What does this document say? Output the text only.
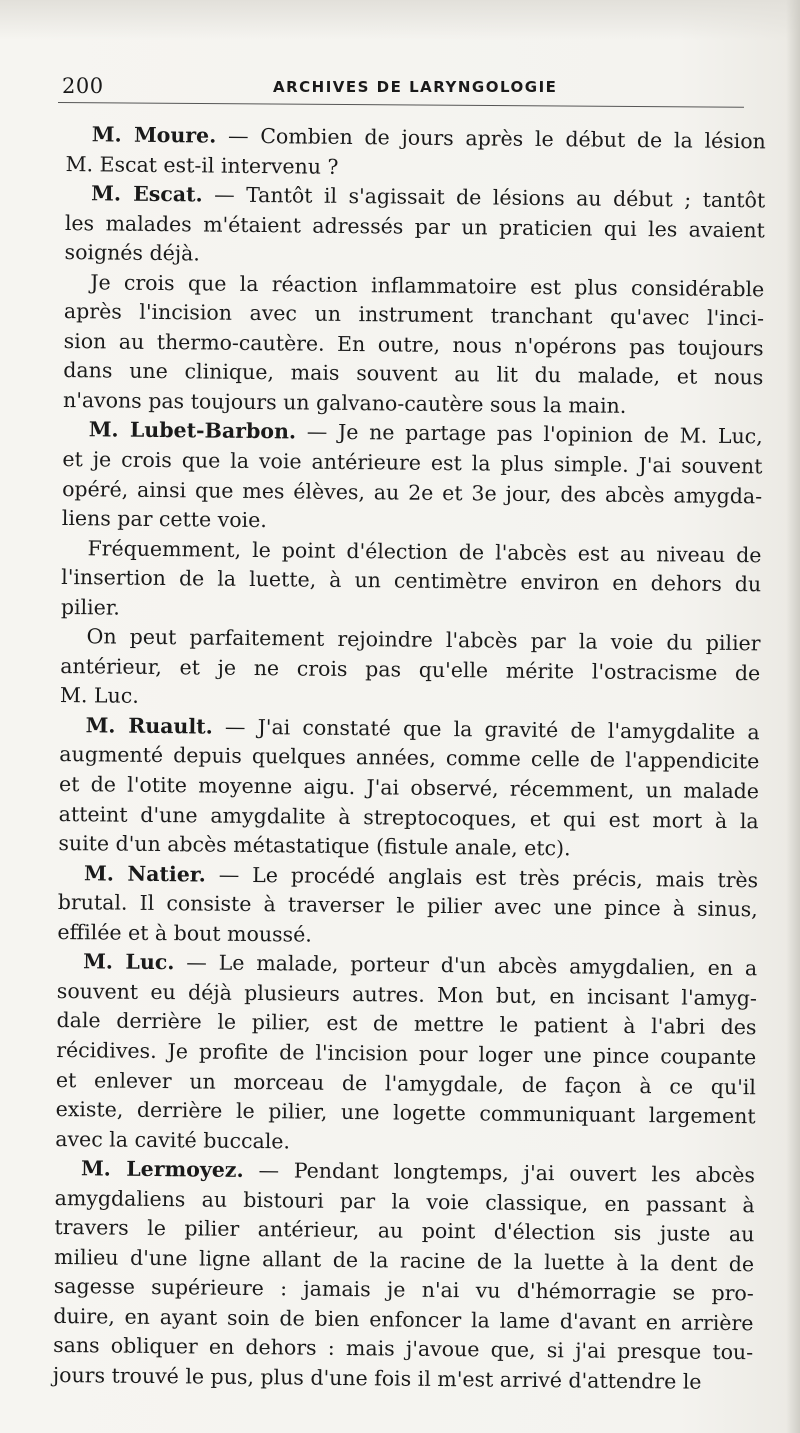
200	ARCHIVES DE LARYNGOLOGIE
M. Moure. — Combien de jours après le début de la lésion
M. Escat est-il intervenu ?
M. Escat. — Tantôt il s'agissait de lésions au début ; tantôt
les malades m'étaient adressés par un praticien qui les avaient
soignés déjà.
Je crois que la réaction inflammatoire est plus considérable
après l'incision avec un instrument tranchant qu'avec l'inci-
sion au thermo-cautère. En outre, nous n'opérons pas toujours
dans une clinique, mais souvent au lit du malade, et nous
n'avons pas toujours un galvano-cautère sous la main.
M. Lubet-Barbon. — Je ne partage pas l'opinion de M. Luc,
et je crois que la voie antérieure est la plus simple. J'ai souvent
opéré, ainsi que mes élèves, au 2e et 3e jour, des abcès amygda-
liens par cette voie.
Fréquemment, le point d'élection de l'abcès est au niveau de
l'insertion de la luette, à un centimètre environ en dehors du
pilier.
On peut parfaitement rejoindre l'abcès par la voie du pilier
antérieur, et je ne crois pas qu'elle mérite l'ostracisme de
M. Luc.
M. Ruault. — J'ai constaté que la gravité de l'amygdalite a
augmenté depuis quelques années, comme celle de l'appendicite
et de l'otite moyenne aigu. J'ai observé, récemment, un malade
atteint d'une amygdalite à streptocoques, et qui est mort à la
suite d'un abcès métastatique (fistule anale, etc).
M. Natier. — Le procédé anglais est très précis, mais très
brutal. Il consiste à traverser le pilier avec une pince à sinus,
effilée et à bout moussé.
M. Luc. — Le malade, porteur d'un abcès amygdalien, en a
souvent eu déjà plusieurs autres. Mon but, en incisant l'amyg-
dale derrière le pilier, est de mettre le patient à l'abri des
récidives. Je profite de l'incision pour loger une pince coupante
et enlever un morceau de l'amygdale, de façon à ce qu'il
existe, derrière le pilier, une logette communiquant largement
avec la cavité buccale.
M. Lermoyez. — Pendant longtemps, j'ai ouvert les abcès
amygdaliens au bistouri par la voie classique, en passant à
travers le pilier antérieur, au point d'élection sis juste au
milieu d'une ligne allant de la racine de la luette à la dent de
sagesse supérieure : jamais je n'ai vu d'hémorragie se pro-
duire, en ayant soin de bien enfoncer la lame d'avant en arrière
sans obliquer en dehors : mais j'avoue que, si j'ai presque tou-
jours trouvé le pus, plus d'une fois il m'est arrivé d'attendre le
